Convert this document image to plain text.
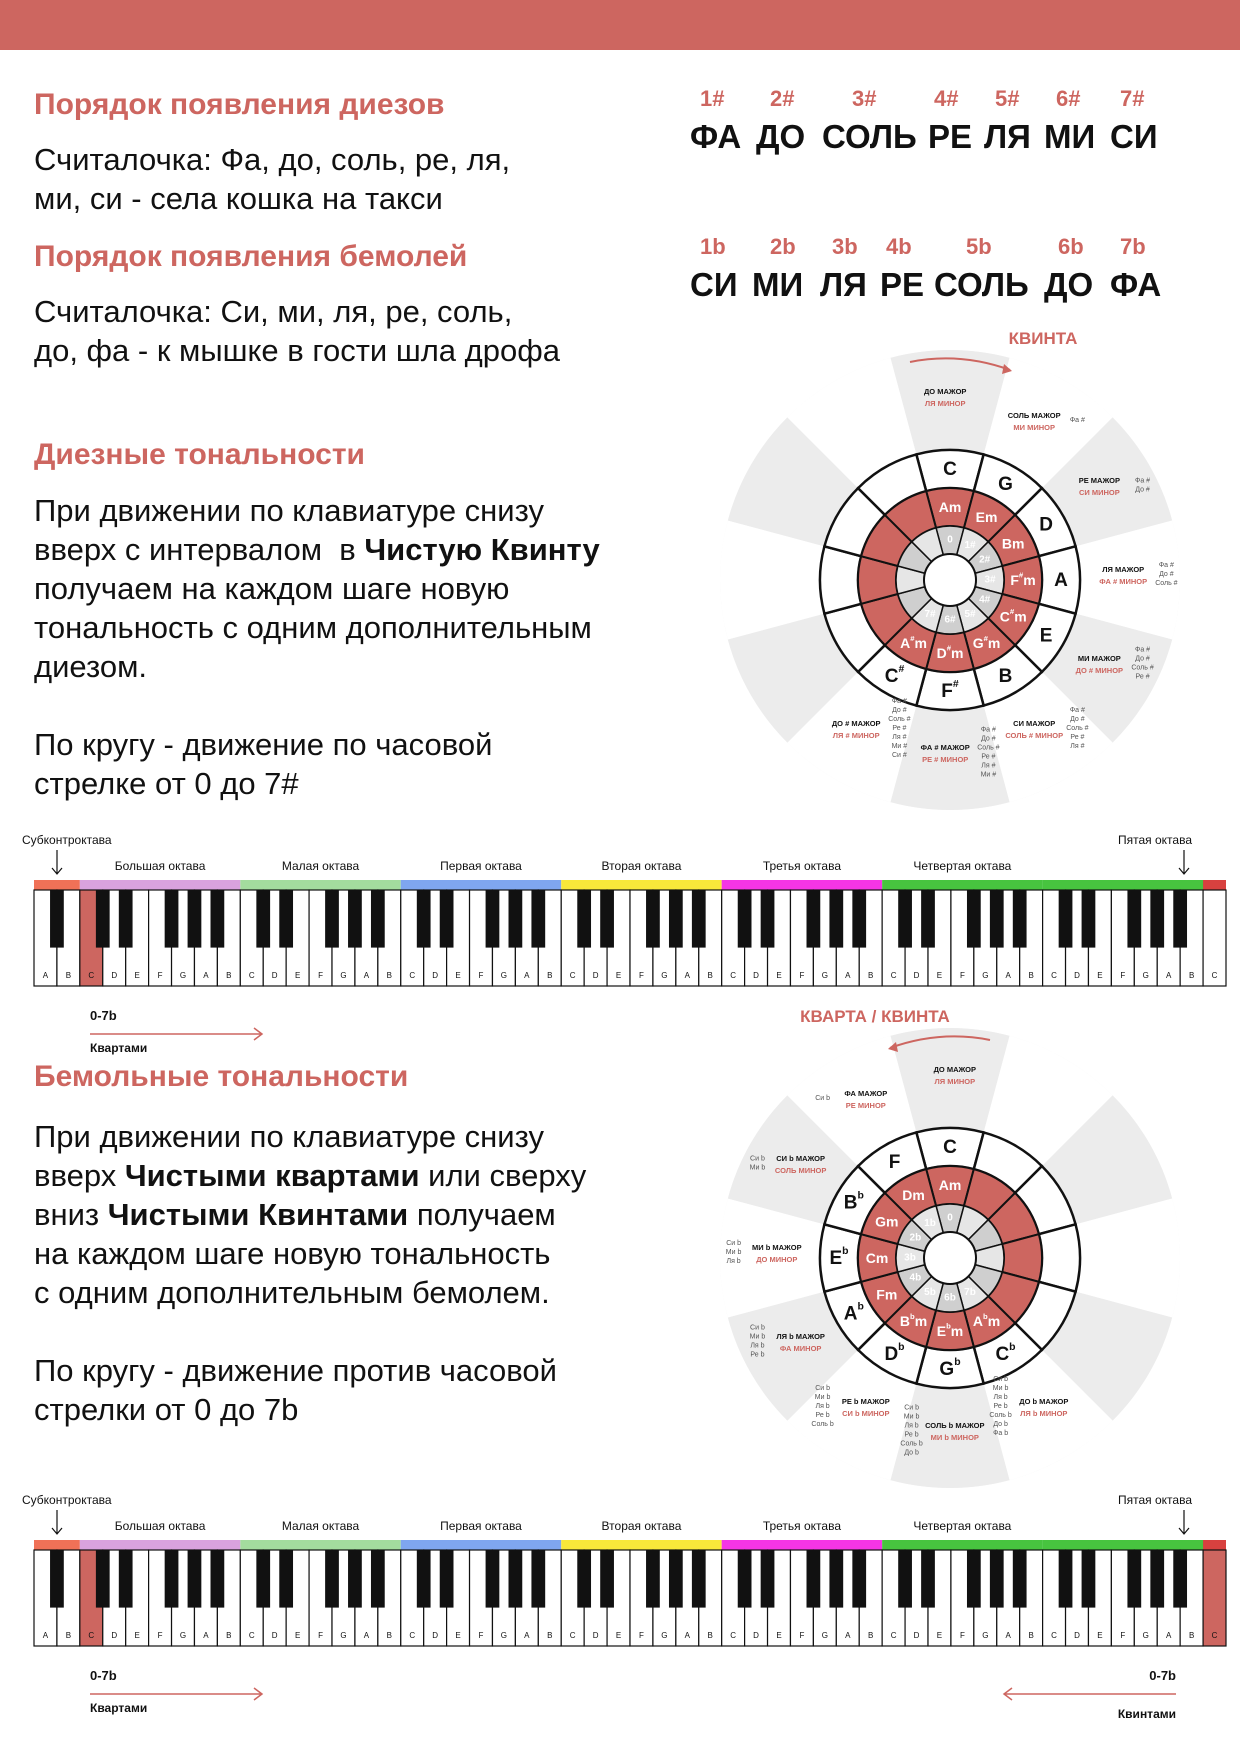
Порядок появления диезов
Считалочка: Фа, до, соль, ре, ля,
ми, си - села кошка на такси
1# 2#	3#	4# 5# 6# 7#
ФА ДО СОЛЬ РЕ ЛЯ МИ СИ
Порядок появления бемолей
Считалочка: Си, ми, ля, ре, соль,
до, фа - к мышке в гости шла дрофа
1b 2b 3b 4b 5b	6b 7b
СИ МИ ЛЯ РЕ СОЛЬ ДО ФА
Диезные тональности
При движении по клавиатуре снизу
вверх с интервалом  в Чистую Квинту
получаем на каждом шаге новую
тональность с одним дополнительным
диезом.
По кругу - движение по часовой
стрелке от 0 до 7#
Бемольные тональности
При движении по клавиатуре снизу
вверх Чистыми квартами или сверху
вниз Чистыми Квинтами получаем
на каждом шаге новую тональность
с одним дополнительным бемолем.
По кругу - движение против часовой
стрелки от 0 до 7b
C
Am
0
ДО МАЖОР
ЛЯ МИНОР
G
Em
1#
СОЛЬ МАЖОР
МИ МИНОР
Фа #
D
Bm
2#
РЕ МАЖОР
СИ МИНОР
Фа #
До #
A
F#m
3#
ЛЯ МАЖОР
ФА # МИНОР
Фа #
До #
Соль #
E
C#m
4#
МИ МАЖОР
ДО # МИНОР
Фа #
До #
Соль #
Ре #
B
G#m
5#
СИ МАЖОР
СОЛЬ # МИНОР
Фа #
До #
Соль #
Ре #
Ля #
F#
D#m
6#
ФА # МАЖОР
РЕ # МИНОР
Фа #
До #
Соль #
Ре #
Ля #
Ми #
C#
A#m
7#
ДО # МАЖОР
ЛЯ # МИНОР
Фа #
До #
Соль #
Ре #
Ля #
Ми #
Си #
КВИНТА
C
Am
0
ДО МАЖОР
ЛЯ МИНОР
F
Dm
1b
ФА МАЖОР
РЕ МИНОР
Си b
$B^b$
Gm
2b
СИ b МАЖОР
СОЛЬ МИНОР
Си b
Ми b
$E^b$ Cm 3b
МИ b МАЖОР
ДО МИНОР
Си b
Ми b
Ля b
$A^b$
Fm
4b
ЛЯ b МАЖОР
ФА МИНОР
Си b
Ми b
Ля b
Ре b	$D^b$
$B^bm$
5b
РЕ b МАЖОР
СИ b МИНОР
Си b
Ми b
Ля b
Ре b
Соль b
$G^b$
$E^bm$
6b
СОЛЬ b МАЖОР
МИ b МИНОР
Си b
Ми b
Ля b
Ре b
Соль b
До b
$C^b$
$A^bm$
7b
ДО b МАЖОР
ЛЯ b МИНОР
Си b
Ми b
Ля b
Ре b
Соль b
До b
Фа b
КВАРТА / КВИНТА
Большая октава	Малая октава	Первая октава	Вторая октава	Третья октава	Четвертая октава
Субконтроктава	Пятая октава
A B C D E F G A B C D E F G A B C D E F G A B C D E F G A B C D E F G A B C D E F G A B C D E F G A B C
0-7b
Квартами
Большая октава	Малая октава	Первая октава	Вторая октава	Третья октава	Четвертая октава
Субконтроктава	Пятая октава
A B C D E F G A B C D E F G A B C D E F G A B C D E F G A B C D E F G A B C D E F G A B C D E F G A B C
0-7b
Квартами
0-7b
Квинтами
